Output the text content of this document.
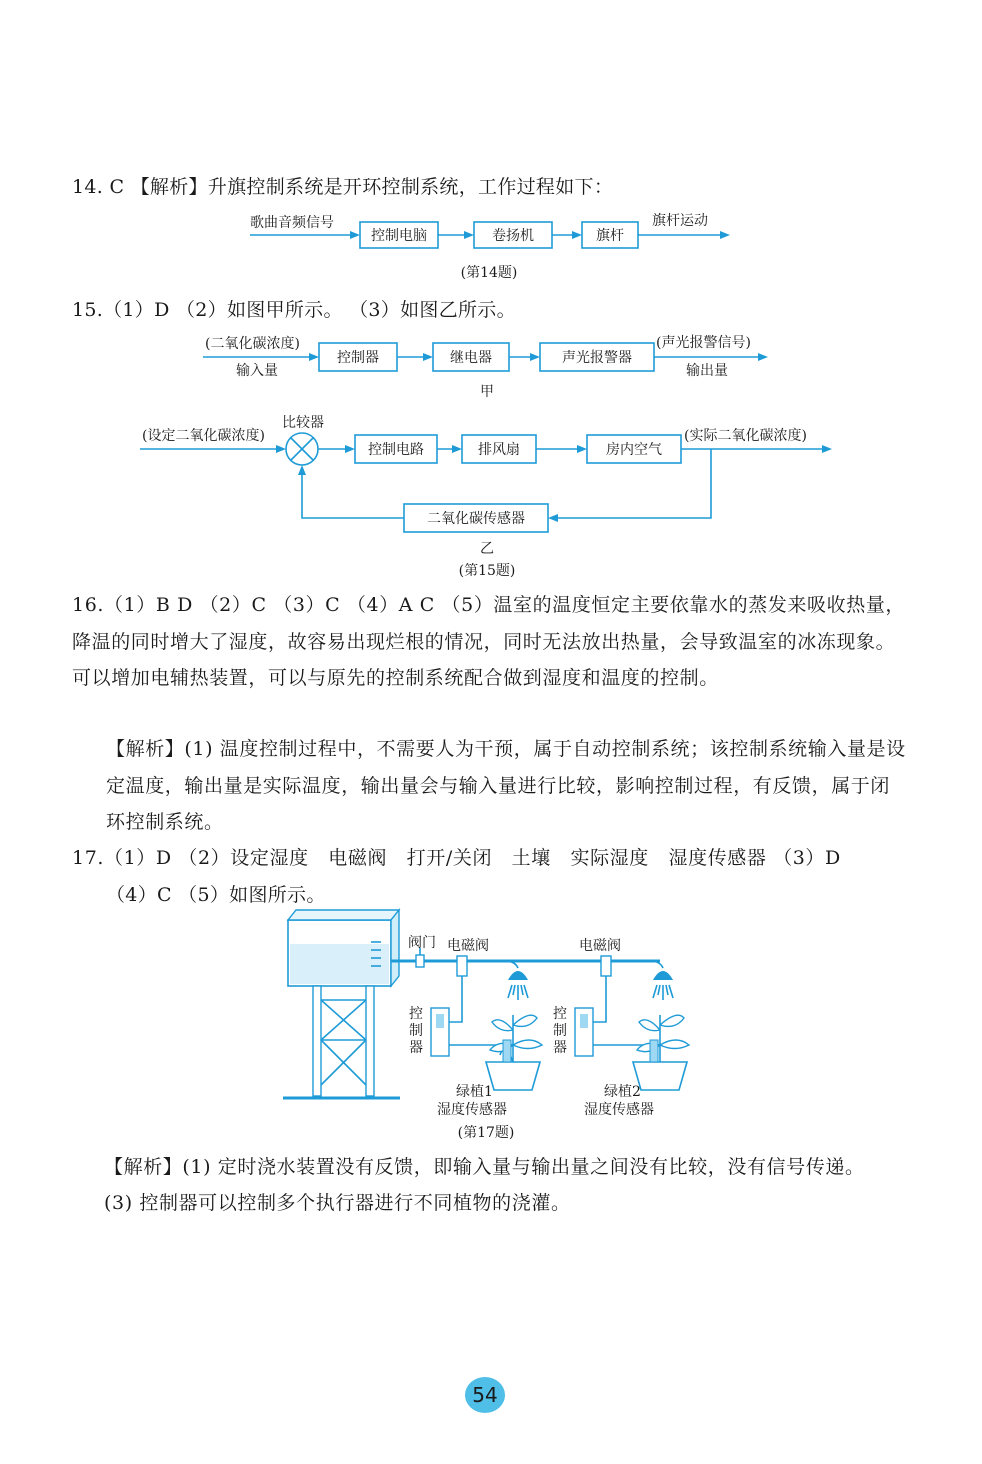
14. C 【解析】升旗控制系统是开环控制系统，工作过程如下：
歌曲音频信号
控制电脑	卷扬机	旗杆
旗杆运动
(第14题)
15.（1）D （2）如图甲所示。 （3）如图乙所示。
(二氧化碳浓度)
输入量
控制器	继电器	声光报警器
(声光报警信号)
输出量
甲
(设定二氧化碳浓度)
比较器
控制电路	排风扇	房内空气
(实际二氧化碳浓度)
二氧化碳传感器
乙
(第15题)
16.（1）B D （2）C （3）C （4）A C （5）温室的温度恒定主要依靠水的蒸发来吸收热量，降温的同时增大了湿度，故容易出现烂根的情况，同时无法放出热量，会导致温室的冰冻现象。可以增加电辅热装置，可以与原先的控制系统配合做到湿度和温度的控制。
【解析】(1) 温度控制过程中，不需要人为干预，属于自动控制系统；该控制系统输入量是设定温度，输出量是实际温度，输出量会与输入量进行比较，影响控制过程，有反馈，属于闭环控制系统。
17.（1）D （2）设定湿度　电磁阀　打开/关闭　土壤　实际湿度　湿度传感器 （3）D
（4）C （5）如图所示。
阀门 电磁阀
控
制
器
绿植1
湿度传感器
电磁阀
控
制
器
绿植2
湿度传感器
(第17题)
【解析】(1) 定时浇水装置没有反馈，即输入量与输出量之间没有比较，没有信号传递。
(3) 控制器可以控制多个执行器进行不同植物的浇灌。
54
